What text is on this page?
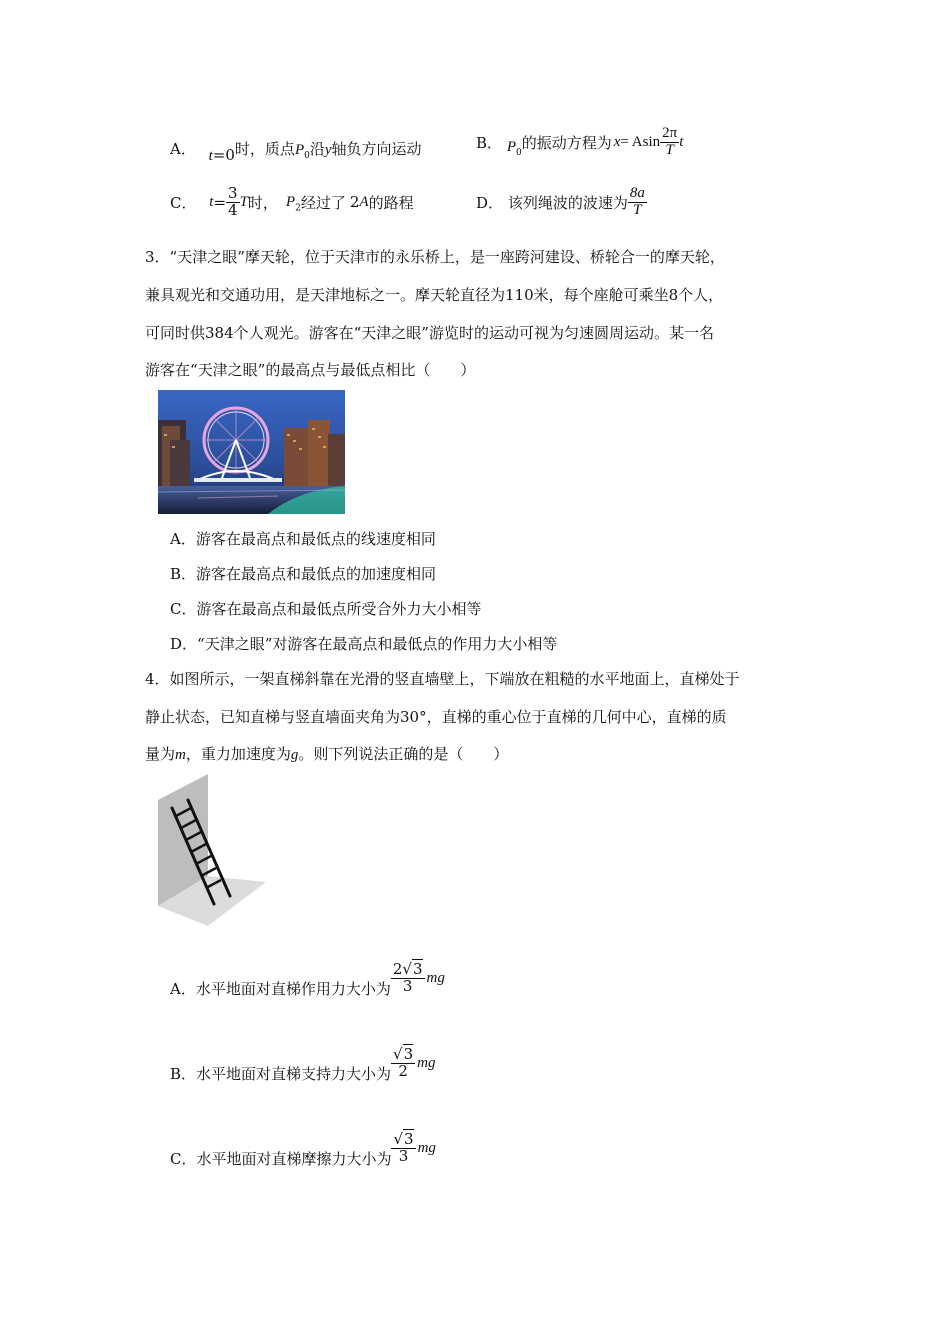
A． t=0时，质点$P_0$沿y轴负方向运动	B． $P_0$的振动方程为 x= Asin $\frac{2\pi}{T}$ t
C． $t= \frac{3}{4}$ T时， $P_2$经过了 2A的路程	D． 该列绳波的波速为 $\frac{8a}{T}$
3．“天津之眼”摩天轮，位于天津市的永乐桥上，是一座跨河建设、桥轮合一的摩天轮，
兼具观光和交通功用，是天津地标之一。摩天轮直径为110米，每个座舱可乘坐8个人，
可同时供384个人观光。游客在“天津之眼”游览时的运动可视为匀速圆周运动。某一名
游客在“天津之眼”的最高点与最低点相比（　　）
A．游客在最高点和最低点的线速度相同
B．游客在最高点和最低点的加速度相同
C．游客在最高点和最低点所受合外力大小相等
D．“天津之眼”对游客在最高点和最低点的作用力大小相等
4．如图所示，一架直梯斜靠在光滑的竖直墙壁上，下端放在粗糙的水平地面上，直梯处于
静止状态，已知直梯与竖直墙面夹角为30°，直梯的重心位于直梯的几何中心，直梯的质
量为m，重力加速度为g。则下列说法正确的是（　　）
A．水平地面对直梯作用力大小为 $\frac{2√3}{3}$ mg
B．水平地面对直梯支持力大小为 $\frac{√3}{2}$ mg
C．水平地面对直梯摩擦力大小为 $\frac{√3}{3}$ mg
